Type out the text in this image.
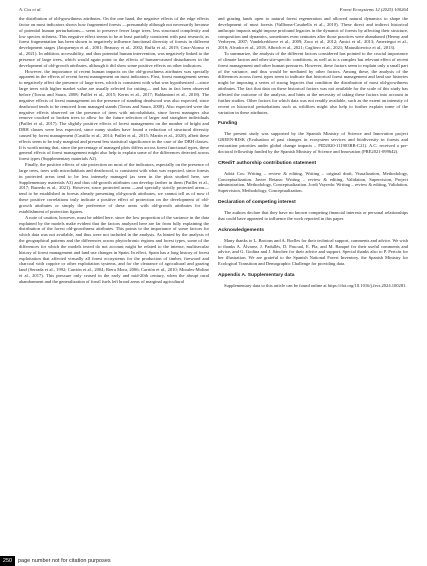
A. Cos et al.	Forest Ecosystems 12 (2025) 100264

the distribution of old-growthness attributes. On the one hand, the negative effects of the edge effects factor on most indicators shows how fragmented forests —presumably although not necessarily because of potential human perturbations— seem to preserve fewer large trees, less structural complexity and low species richness. This negative effect seems to be at least partially consistent with past research, as forest fragmentation has been shown to negatively influence functional diversity of forests in different development stages (Jacquemyn et al., 2001; Beaussy et al., 2002; Ruffa et al., 2019; Cruz-Alonso et al., 2021). In addition, accessibility, and thus potential human intervention, was negatively linked to the presence of large trees, which would again point to the effects of human-caused disturbances in the development of old-growth attributes, although it did show some positive effects on other indicators.

However, the importance of recent human impacts on the old-growthness attributes was specially apparent in the effects of recent forest management on most indicators. First, forest management seems to negatively affect the presence of large trees, which is consistent with what was hypothesized —since large trees with higher market value are usually selected for cutting— and has in fact been observed before (Torras and Saura, 2008; Paillet et al., 2015; Kerns et al., 2017; Baldantoni et al., 2018). The negative effects of forest management on the presence of standing deadwood was also expected, since deadwood tends to be removed from managed stands (Torras and Saura, 2008). Also expected were the negative effects observed on the presence of trees with microhabitats, since forest managers also remove crooked or broken trees to allow for the future selection of larger and straighter individuals (Paillet et al., 2017). The slightly positive effects of forest management on the number of bright and DBH classes were less expected, since many studies have found a reduction of structural diversity caused by forest management (Castillo et al., 2014; Paillet et al., 2015; Martín et al., 2020), albeit these effects seem to be truly marginal and present less statistical significance in the case of the DBH classes. It is worth noting that, since the percentage of managed plots differs across forest functional types, these general effects of forest management might also help to explain some of the differences detected across forest types (Supplementary materials A2).

Finally, the positive effects of site protection on most of the indicators, especially on the presence of large trees, trees with microhabitats and deadwood, is consistent with what was expected, since forests in protected areas tend to be less intensely managed (as seen in the plots studied here, see Supplementary materials A3) and thus old-growth attributes can develop farther in them (Paillet et al., 2017; Barredo et al., 2021). However, since protected areas —and specially strictly protected areas— tend to be established in forests already presenting old-growth attributes, we cannot tell as of now if these positive correlations truly indicate a positive effect of protection on the development of old-growth attributes or simply the preference of these areas with old-growth attributes for the establishment of protection figures.

A note of caution, however, must be added here, since the low proportion of the variance in the data explained by the models make evident that the factors analyzed here are far from fully explaining the distribution of the forest old-growthness attributes. This points to the importance of some factors for which data was not available, and thus were not included in the analysis. As hinted by the analysis of the geographical patterns and the differences across phytochronic regions and forest types, some of the differences for which the models tested do not account might be related to the intense, multisecular history of forest management and land use changes in Spain. In effect, Spain has a long history of forest exploitation that affected virtually all forest ecosystems for the production of timber, firewood and charcoal with coppice or other exploitation systems, and for the clearance of agricultural and grazing land (Serrada et al., 1992; Carrión et al., 2004; Riera Mora, 2006; Carrión et al., 2010; Morales-Molino et al., 2017). This pressure only ceased in the early and mid-20th century, when the abrupt rural abandonment and the generalization of fossil fuels left broad areas of marginal agricultural

and grazing lands open to natural forest regeneration and allowed natural dynamics to shape the development of most forests (Vallbona-Casabella et al., 2010). These direct and indirect historical anthropic impacts might impose profound legacies in the dynamic of forests by affecting their structure, composition and dynamics, sometimes even centuries after those practices were abandoned (Hermy and Verheyen, 2007; Vandekerkhove et al., 2009; Zaco et al., 2012; Amici et al., 2013; Ameztegui et al., 2016; Alvador et al., 2018, Albrich et al., 2021; Cagliero et al., 2021; Matusikiewicz et al., 2013).

To summarize, the analysis of the different factors considered has pointed to the crucial importance of climate factors and other site-specific conditions, as well as to a complex but relevant effect of recent forest management and other human pressures. However, these factors seem to explain only a small part of the variance, and thus would be mediated by other factors. Among these, the analysis of the differences across forest types seem to indicate that historical forest management and land use histories might be imposing a series of strong legacies that condition the distribution of most old-growthness attributes. The fact that data on these historical factors was not available for the scale of this study has affected the outcome of the analysis, and hints at the necessity of taking these factors into account in further studies. Other factors for which data was not readily available, such as the extent an intensity of recent or historical perturbations such as wildfires might also help to further explain some of the variation in these attributes.

Funding

The present study was supported by the Spanish Ministry of Science and Innovation project GREEN-RISK (Evaluation of past changes in ecosystem services and biodiversity in forests and restoration priorities under global change impacts – PID2020-111903RB-C21). A.C. received a pre-doctoral fellowship funded by the Spanish Ministry of Science and Innovation (PRE2021-099642).

CRediT authorship contribution statement

Adrià Cos: Writing – review & editing, Writing – original draft, Visualization, Methodology, Conceptualization. Javier Retana: Writing – review & editing, Validation, Supervision, Project administration, Methodology, Conceptualization. Jordi Vayreda: Writing – review & editing, Validation, Supervision, Methodology, Conceptualization.

Declaration of competing interest

The authors declare that they have no known competing financial interests or personal relationships that could have appeared to influence the work reported in this paper.

Acknowledgements

Many thanks to L. Brotons and A. Borlles for their technical support, comments and advice. We wish to thanks A. Álvarez, J. Padullés, D. Pascual, E. Pla, and M. Banqué for their useful comments and advice, and G. Godina and J. Sánchez for their advice and support. Special thanks also to P. Pericás for her illustration. We are grateful to the Spanish National Forest Inventory, the Spanish Ministry for Ecological Transition and Demographic Challenge for providing data.

Appendix A. Supplementary data

Supplementary data to this article can be found online at https://doi.org/10.1016/j.fecs.2024.100281.

250	page number not for citation purposes
